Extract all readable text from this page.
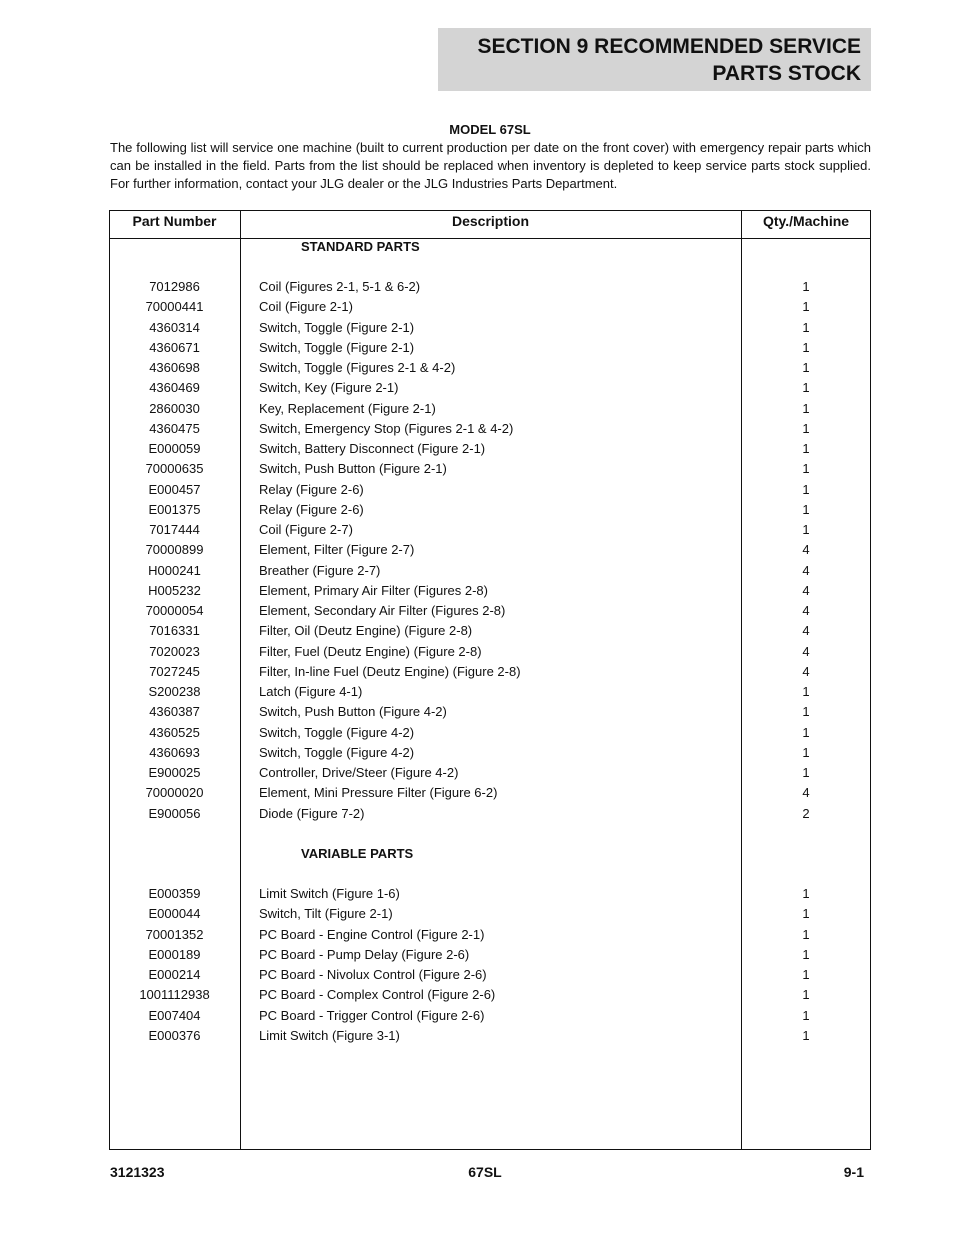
SECTION 9 RECOMMENDED SERVICE
PARTS STOCK
MODEL 67SL
The following list will service one machine (built to current production per date on the front cover) with emergency repair parts which can be installed in the field. Parts from the list should be replaced when inventory is depleted to keep service parts stock supplied. For further information, contact your JLG dealer or the JLG Industries Parts Department.
Part Number	Description	Qty./Machine
STANDARD PARTS
7012986	Coil (Figures 2-1, 5-1 & 6-2)	1
70000441	Coil (Figure 2-1)	1
4360314	Switch, Toggle (Figure 2-1)	1
4360671	Switch, Toggle (Figure 2-1)	1
4360698	Switch, Toggle (Figures 2-1 & 4-2)	1
4360469	Switch, Key (Figure 2-1)	1
2860030	Key, Replacement (Figure 2-1)	1
4360475	Switch, Emergency Stop (Figures 2-1 & 4-2)	1
E000059	Switch, Battery Disconnect (Figure 2-1)	1
70000635	Switch, Push Button (Figure 2-1)	1
E000457	Relay (Figure 2-6)	1
E001375	Relay (Figure 2-6)	1
7017444	Coil (Figure 2-7)	1
70000899	Element, Filter (Figure 2-7)	4
H000241	Breather (Figure 2-7)	4
H005232	Element, Primary Air Filter (Figures 2-8)	4
70000054	Element, Secondary Air Filter (Figures 2-8)	4
7016331	Filter, Oil (Deutz Engine) (Figure 2-8)	4
7020023	Filter, Fuel (Deutz Engine) (Figure 2-8)	4
7027245	Filter, In-line Fuel (Deutz Engine) (Figure 2-8)	4
S200238	Latch (Figure 4-1)	1
4360387	Switch, Push Button (Figure 4-2)	1
4360525	Switch, Toggle (Figure 4-2)	1
4360693	Switch, Toggle (Figure 4-2)	1
E900025	Controller, Drive/Steer (Figure 4-2)	1
70000020	Element, Mini Pressure Filter (Figure 6-2)	4
E900056	Diode (Figure 7-2)	2
VARIABLE PARTS
E000359	Limit Switch (Figure 1-6)	1
E000044	Switch, Tilt (Figure 2-1)	1
70001352	PC Board - Engine Control (Figure 2-1)	1
E000189	PC Board - Pump Delay (Figure 2-6)	1
E000214	PC Board - Nivolux Control (Figure 2-6)	1
1001112938	PC Board - Complex Control (Figure 2-6)	1
E007404	PC Board - Trigger Control (Figure 2-6)	1
E000376	Limit Switch (Figure 3-1)	1
3121323	67SL	9-1
